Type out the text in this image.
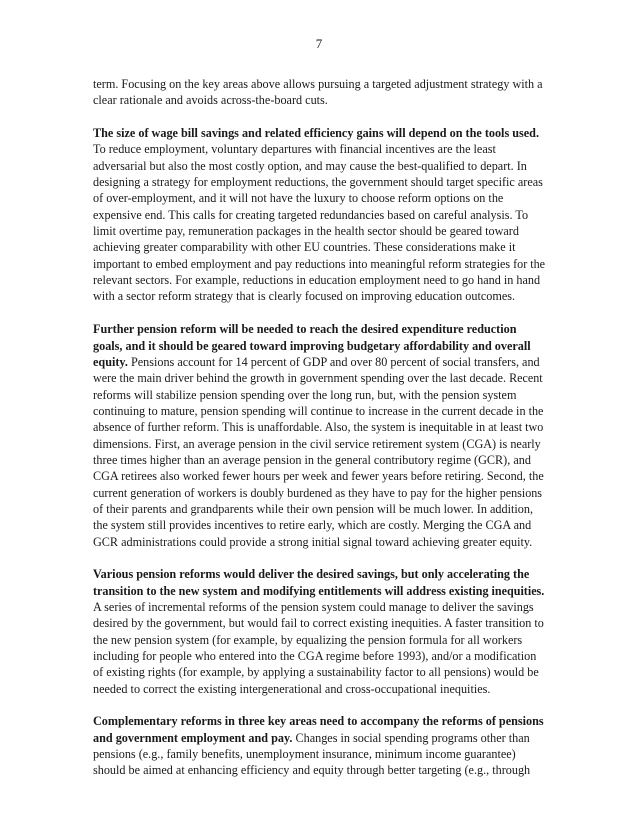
7
term. Focusing on the key areas above allows pursuing a targeted adjustment strategy with a
clear rationale and avoids across-the-board cuts.
The size of wage bill savings and related efficiency gains will depend on the tools used.
To reduce employment, voluntary departures with financial incentives are the least
adversarial but also the most costly option, and may cause the best-qualified to depart. In
designing a strategy for employment reductions, the government should target specific areas
of over-employment, and it will not have the luxury to choose reform options on the
expensive end. This calls for creating targeted redundancies based on careful analysis. To
limit overtime pay, remuneration packages in the health sector should be geared toward
achieving greater comparability with other EU countries. These considerations make it
important to embed employment and pay reductions into meaningful reform strategies for the
relevant sectors. For example, reductions in education employment need to go hand in hand
with a sector reform strategy that is clearly focused on improving education outcomes.
Further pension reform will be needed to reach the desired expenditure reduction
goals, and it should be geared toward improving budgetary affordability and overall
equity. Pensions account for 14 percent of GDP and over 80 percent of social transfers, and
were the main driver behind the growth in government spending over the last decade. Recent
reforms will stabilize pension spending over the long run, but, with the pension system
continuing to mature, pension spending will continue to increase in the current decade in the
absence of further reform. This is unaffordable. Also, the system is inequitable in at least two
dimensions. First, an average pension in the civil service retirement system (CGA) is nearly
three times higher than an average pension in the general contributory regime (GCR), and
CGA retirees also worked fewer hours per week and fewer years before retiring. Second, the
current generation of workers is doubly burdened as they have to pay for the higher pensions
of their parents and grandparents while their own pension will be much lower. In addition,
the system still provides incentives to retire early, which are costly. Merging the CGA and
GCR administrations could provide a strong initial signal toward achieving greater equity.
Various pension reforms would deliver the desired savings, but only accelerating the
transition to the new system and modifying entitlements will address existing inequities.
A series of incremental reforms of the pension system could manage to deliver the savings
desired by the government, but would fail to correct existing inequities. A faster transition to
the new pension system (for example, by equalizing the pension formula for all workers
including for people who entered into the CGA regime before 1993), and/or a modification
of existing rights (for example, by applying a sustainability factor to all pensions) would be
needed to correct the existing intergenerational and cross-occupational inequities.
Complementary reforms in three key areas need to accompany the reforms of pensions
and government employment and pay. Changes in social spending programs other than
pensions (e.g., family benefits, unemployment insurance, minimum income guarantee)
should be aimed at enhancing efficiency and equity through better targeting (e.g., through
